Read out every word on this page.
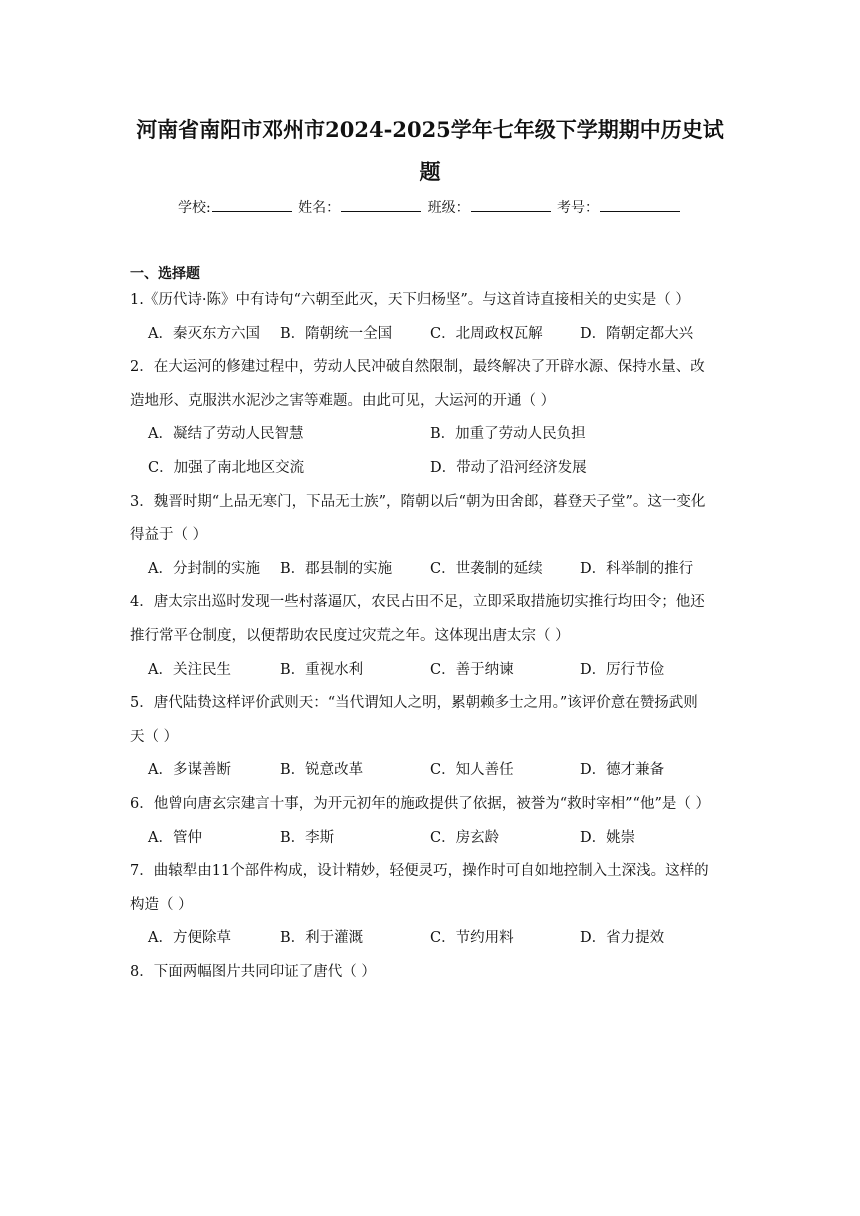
河南省南阳市邓州市2024-2025学年七年级下学期期中历史试
题
学校:	姓名：	班级：	考号：
一、选择题
1.《历代诗·陈》中有诗句“六朝至此灭，天下归杨坚”。与这首诗直接相关的史实是（ ）
A．秦灭东方六国 B．隋朝统一全国	C．北周政权瓦解	D．隋朝定都大兴
2．在大运河的修建过程中，劳动人民冲破自然限制，最终解决了开辟水源、保持水量、改
造地形、克服洪水泥沙之害等难题。由此可见，大运河的开通（ ）
A．凝结了劳动人民智慧	B．加重了劳动人民负担
C．加强了南北地区交流	D．带动了沿河经济发展
3．魏晋时期“上品无寒门，下品无士族”，隋朝以后“朝为田舍郎，暮登天子堂”。这一变化
得益于（ ）
A．分封制的实施 B．郡县制的实施	C．世袭制的延续	D．科举制的推行
4．唐太宗出巡时发现一些村落逼仄，农民占田不足，立即采取措施切实推行均田令；他还
推行常平仓制度，以便帮助农民度过灾荒之年。这体现出唐太宗（ ）
A．关注民生	B．重视水利	C．善于纳谏	D．厉行节俭
5．唐代陆贽这样评价武则天：“当代谓知人之明，累朝赖多士之用。”该评价意在赞扬武则
天（ ）
A．多谋善断	B．锐意改革	C．知人善任	D．德才兼备
6．他曾向唐玄宗建言十事，为开元初年的施政提供了依据，被誉为“救时宰相”“他”是（ ）
A．管仲	B．李斯	C．房玄龄	D．姚崇
7．曲辕犁由11个部件构成，设计精妙，轻便灵巧，操作时可自如地控制入土深浅。这样的
构造（ ）
A．方便除草	B．利于灌溉	C．节约用料	D．省力提效
8．下面两幅图片共同印证了唐代（ ）
